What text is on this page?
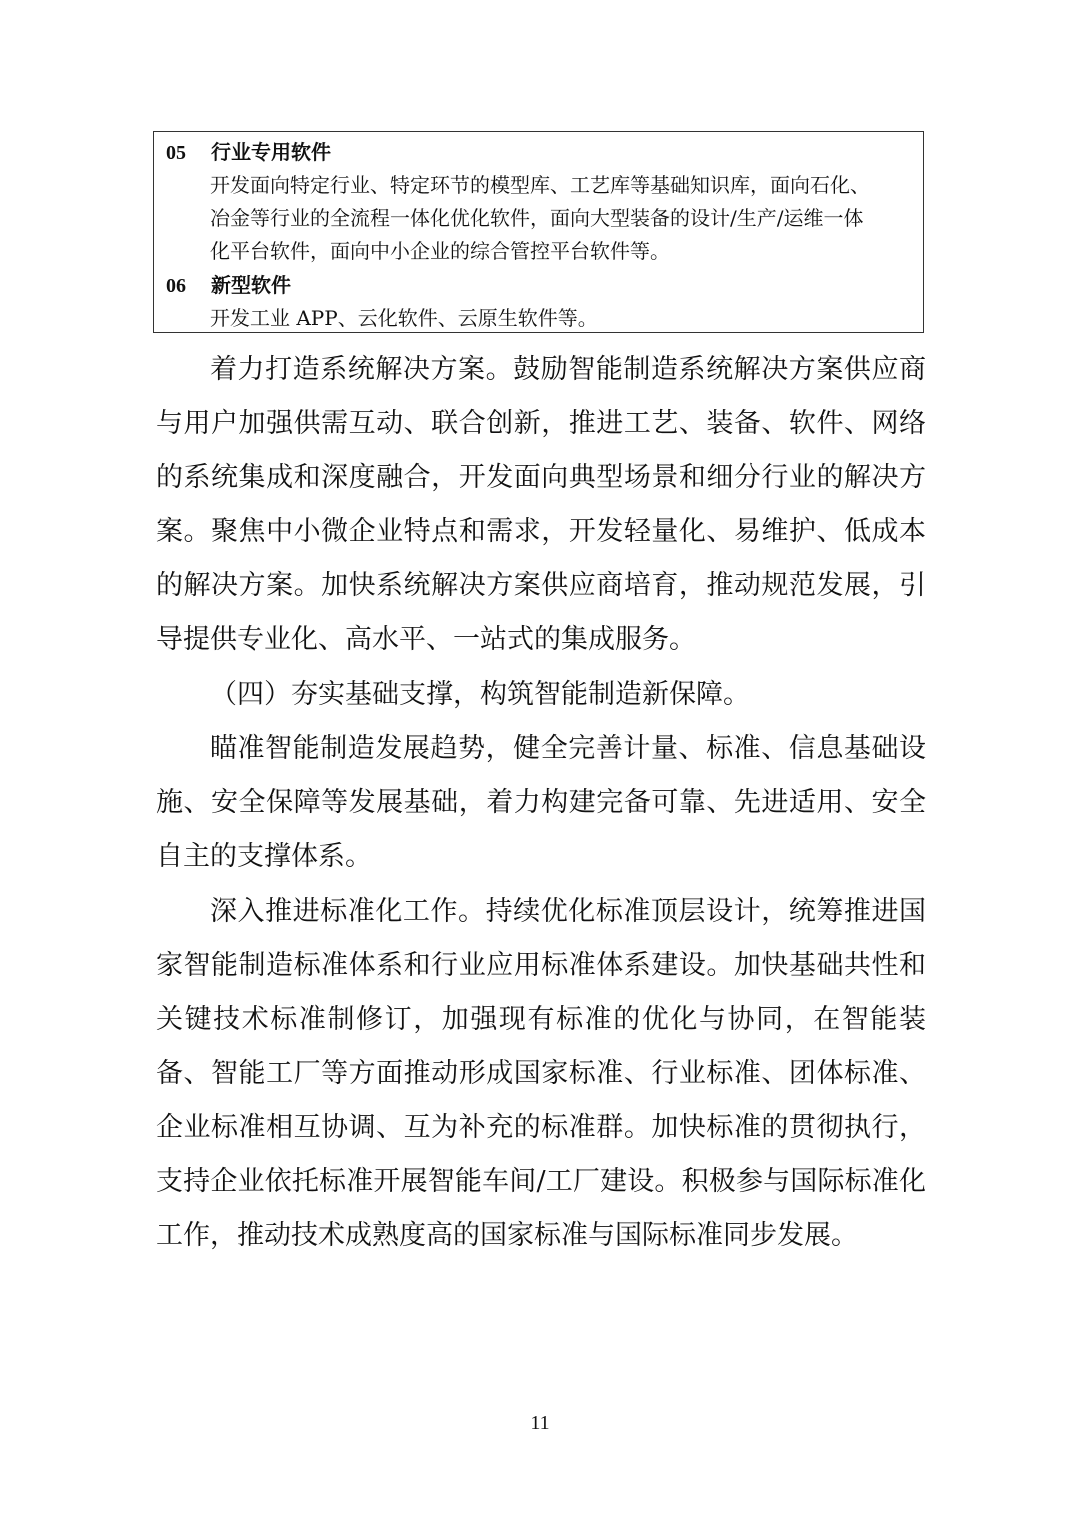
05 行业专用软件
开发面向特定行业、特定环节的模型库、工艺库等基础知识库，面向石化、
冶金等行业的全流程一体化优化软件，面向大型装备的设计/生产/运维一体
化平台软件，面向中小企业的综合管控平台软件等。
06 新型软件
开发工业 APP、云化软件、云原生软件等。
着力打造系统解决方案。鼓励智能制造系统解决方案供应商与用户加强供需互动、联合创新，推进工艺、装备、软件、网络的系统集成和深度融合，开发面向典型场景和细分行业的解决方案。聚焦中小微企业特点和需求，开发轻量化、易维护、低成本的解决方案。加快系统解决方案供应商培育，推动规范发展，引导提供专业化、高水平、一站式的集成服务。
（四）夯实基础支撑，构筑智能制造新保障。
瞄准智能制造发展趋势，健全完善计量、标准、信息基础设施、安全保障等发展基础，着力构建完备可靠、先进适用、安全自主的支撑体系。
深入推进标准化工作。持续优化标准顶层设计，统筹推进国家智能制造标准体系和行业应用标准体系建设。加快基础共性和关键技术标准制修订，加强现有标准的优化与协同，在智能装备、智能工厂等方面推动形成国家标准、行业标准、团体标准、企业标准相互协调、互为补充的标准群。加快标准的贯彻执行，支持企业依托标准开展智能车间/工厂建设。积极参与国际标准化工作，推动技术成熟度高的国家标准与国际标准同步发展。
11
